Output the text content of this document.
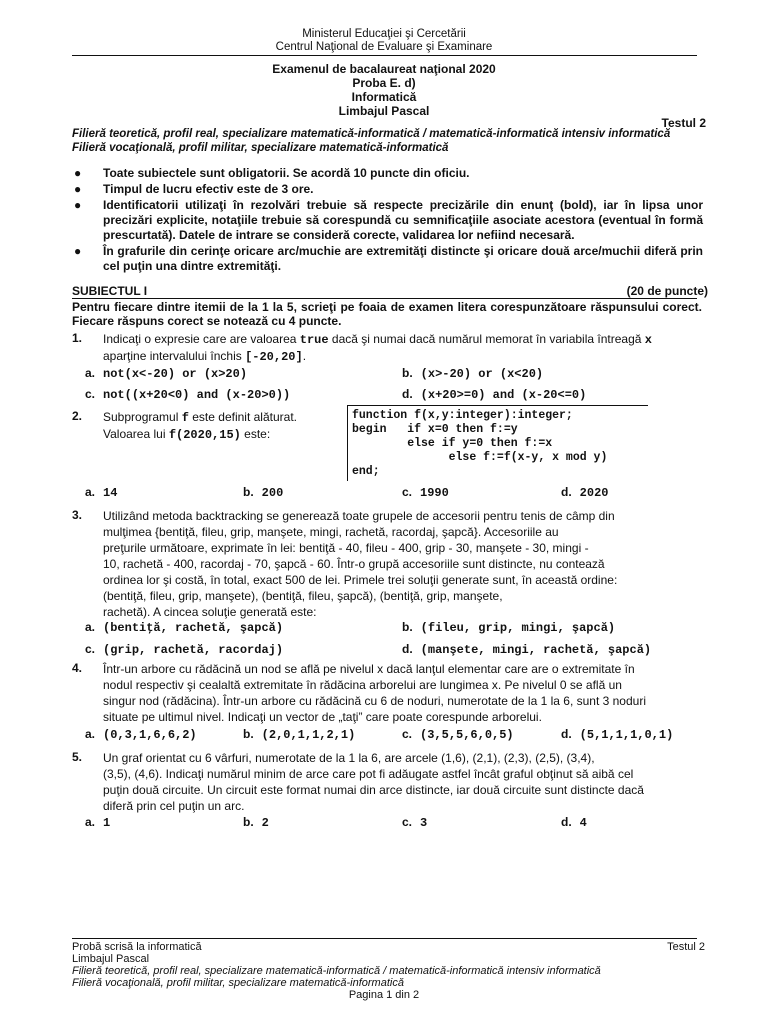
Ministerul Educaţiei şi Cercetării
Centrul Naţional de Evaluare şi Examinare
Examenul de bacalaureat naţional 2020
Proba E. d)
Informatică
Limbajul Pascal
Testul 2
Filieră teoretică, profil real, specializare matematică-informatică / matematică-informatică intensiv informatică
Filieră vocaţională, profil militar, specializare matematică-informatică
● Toate subiectele sunt obligatorii. Se acordă 10 puncte din oficiu.
● Timpul de lucru efectiv este de 3 ore.
● Identificatorii utilizaţi în rezolvări trebuie să respecte precizările din enunţ (bold), iar în lipsa unor precizări explicite, notaţiile trebuie să corespundă cu semnificaţiile asociate acestora (eventual în formă prescurtată). Datele de intrare se consideră corecte, validarea lor nefiind necesară.
● În grafurile din cerinţe oricare arc/muchie are extremităţi distincte şi oricare două arce/muchii diferă prin cel puţin una dintre extremităţi.
SUBIECTUL I	(20 de puncte)
Pentru fiecare dintre itemii de la 1 la 5, scrieţi pe foaia de examen litera corespunzătoare răspunsului corect. Fiecare răspuns corect se notează cu 4 puncte.
1. Indicaţi o expresie care are valoarea true dacă şi numai dacă numărul memorat în variabila întreagă x
aparţine intervalului închis [-20,20].
a. not(x<-20) or (x>20)	b. (x>-20) or (x<20)
c. not((x+20<0) and (x-20>0))	d. (x+20>=0) and (x-20<=0)
2. Subprogramul f este definit alăturat.
Valoarea lui f(2020,15) este:
function f(x,y:integer):integer;
begin   if x=0 then f:=y
else if y=0 then f:=x
else f:=f(x-y, x mod y)
end;
a. 14	b. 200	c. 1990	d. 2020
3. Utilizând metoda backtracking se generează toate grupele de accesorii pentru tenis de câmp din
mulţimea {bentiţă, fileu, grip, manşete, mingi, rachetă, racordaj, şapcă}. Accesoriile au
preţurile următoare, exprimate în lei: bentiţă - 40, fileu - 400, grip - 30, manşete - 30, mingi -
10, rachetă - 400, racordaj - 70, şapcă - 60. Într-o grupă accesoriile sunt distincte, nu contează
ordinea lor şi costă, în total, exact 500 de lei. Primele trei soluţii generate sunt, în această ordine:
(bentiţă, fileu, grip, manşete), (bentiţă, fileu, şapcă), (bentiţă, grip, manşete,
rachetă). A cincea soluţie generată este:
a. (bentiţă, rachetă, şapcă)	b. (fileu, grip, mingi, şapcă)
c. (grip, rachetă, racordaj)	d. (manşete, mingi, rachetă, şapcă)
4. Într-un arbore cu rădăcină un nod se află pe nivelul x dacă lanţul elementar care are o extremitate în
nodul respectiv şi cealaltă extremitate în rădăcina arborelui are lungimea x. Pe nivelul 0 se află un
singur nod (rădăcina). Într-un arbore cu rădăcină cu 6 de noduri, numerotate de la 1 la 6, sunt 3 noduri
situate pe ultimul nivel. Indicaţi un vector de „taţi” care poate corespunde arborelui.
a. (0,3,1,6,6,2)	b. (2,0,1,1,2,1)	c. (3,5,5,6,0,5)	d. (5,1,1,1,0,1)
5. Un graf orientat cu 6 vârfuri, numerotate de la 1 la 6, are arcele (1,6), (2,1), (2,3), (2,5), (3,4),
(3,5), (4,6). Indicaţi numărul minim de arce care pot fi adăugate astfel încât graful obţinut să aibă cel
puţin două circuite. Un circuit este format numai din arce distincte, iar două circuite sunt distincte dacă
diferă prin cel puţin un arc.
a. 1	b. 2	c. 3	d. 4
Probă scrisă la informatică	Testul 2
Limbajul Pascal
Filieră teoretică, profil real, specializare matematică-informatică / matematică-informatică intensiv informatică
Filieră vocaţională, profil militar, specializare matematică-informatică
Pagina 1 din 2
